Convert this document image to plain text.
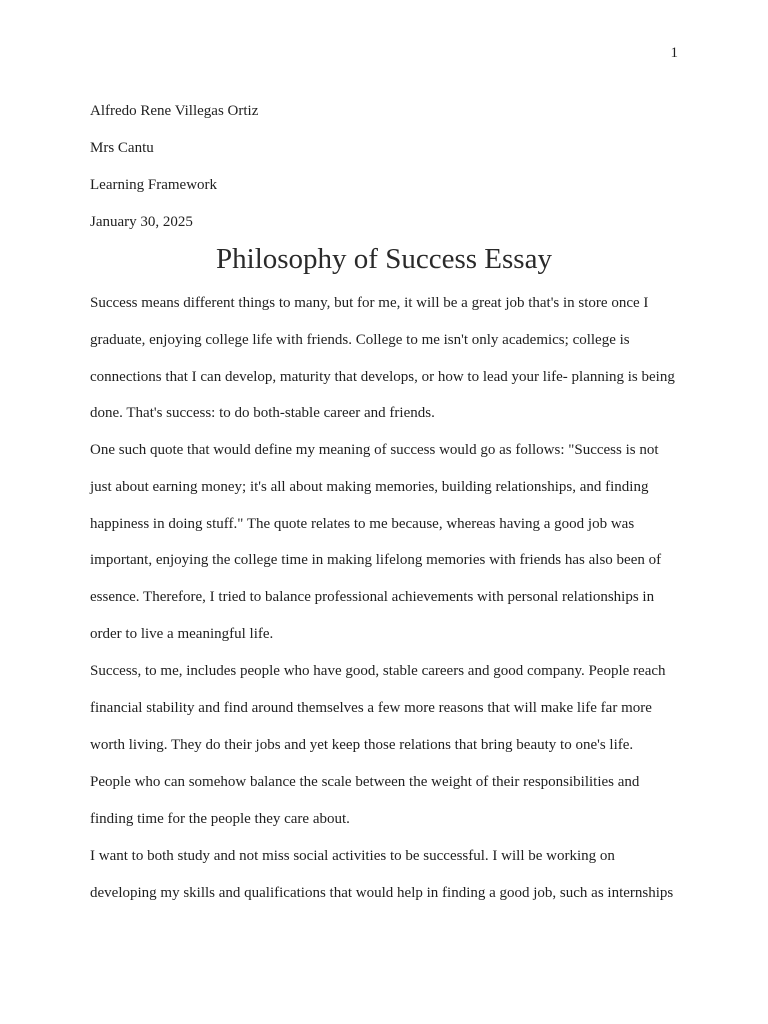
1
Alfredo Rene Villegas Ortiz
Mrs Cantu
Learning Framework
January 30, 2025
Philosophy of Success Essay
Success means different things to many, but for me, it will be a great job that's in store once I
graduate, enjoying college life with friends. College to me isn't only academics; college is
connections that I can develop, maturity that develops, or how to lead your life- planning is being
done. That's success: to do both-stable career and friends.
One such quote that would define my meaning of success would go as follows: "Success is not
just about earning money; it's all about making memories, building relationships, and finding
happiness in doing stuff." The quote relates to me because, whereas having a good job was
important, enjoying the college time in making lifelong memories with friends has also been of
essence. Therefore, I tried to balance professional achievements with personal relationships in
order to live a meaningful life.
Success, to me, includes people who have good, stable careers and good company. People reach
financial stability and find around themselves a few more reasons that will make life far more
worth living. They do their jobs and yet keep those relations that bring beauty to one's life.
People who can somehow balance the scale between the weight of their responsibilities and
finding time for the people they care about.
I want to both study and not miss social activities to be successful. I will be working on
developing my skills and qualifications that would help in finding a good job, such as internships
